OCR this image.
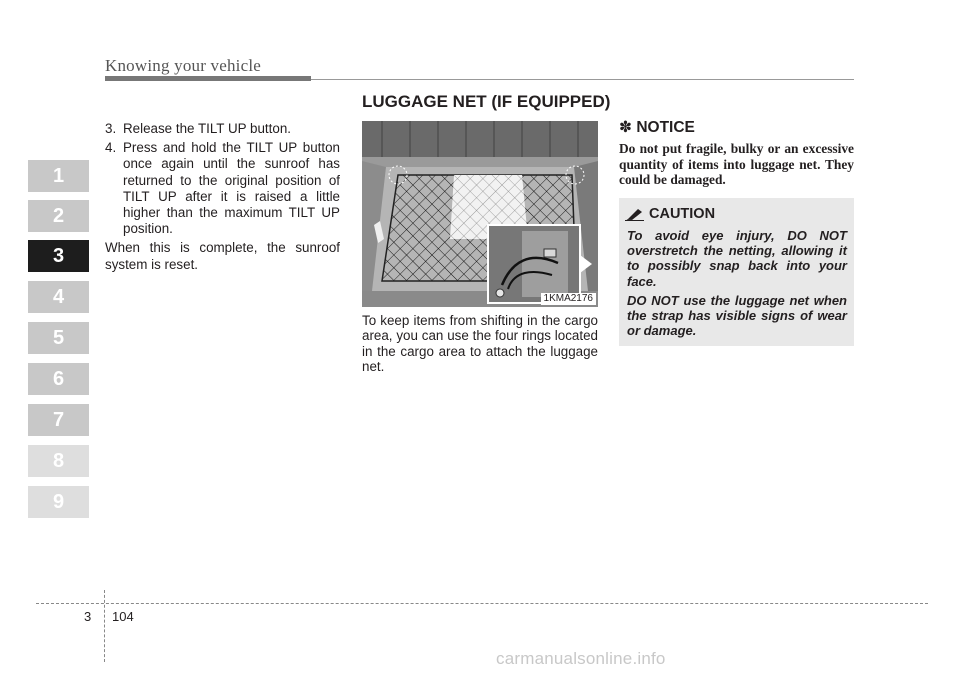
Knowing your vehicle
LUGGAGE NET (IF EQUIPPED)
1
2
3
4
5
6
7
8
9
3. Release the TILT UP button.
4. Press and hold the TILT UP button once again until the sunroof has returned to the original position of TILT UP after it is raised a little higher than the maximum TILT UP position.

When this is complete, the sunroof system is reset.

1KMA2176
To keep items from shifting in the cargo area, you can use the four rings located in the cargo area to attach the luggage net.
✽ NOTICE
Do not put fragile, bulky or an excessive quantity of items into luggage net. They could be damaged.
CAUTION

To avoid eye injury, DO NOT overstretch the netting, allowing it to possibly snap back into your face.

DO NOT use the luggage net when the strap has visible signs of wear or damage.

3 104
carmanualsonline.info
